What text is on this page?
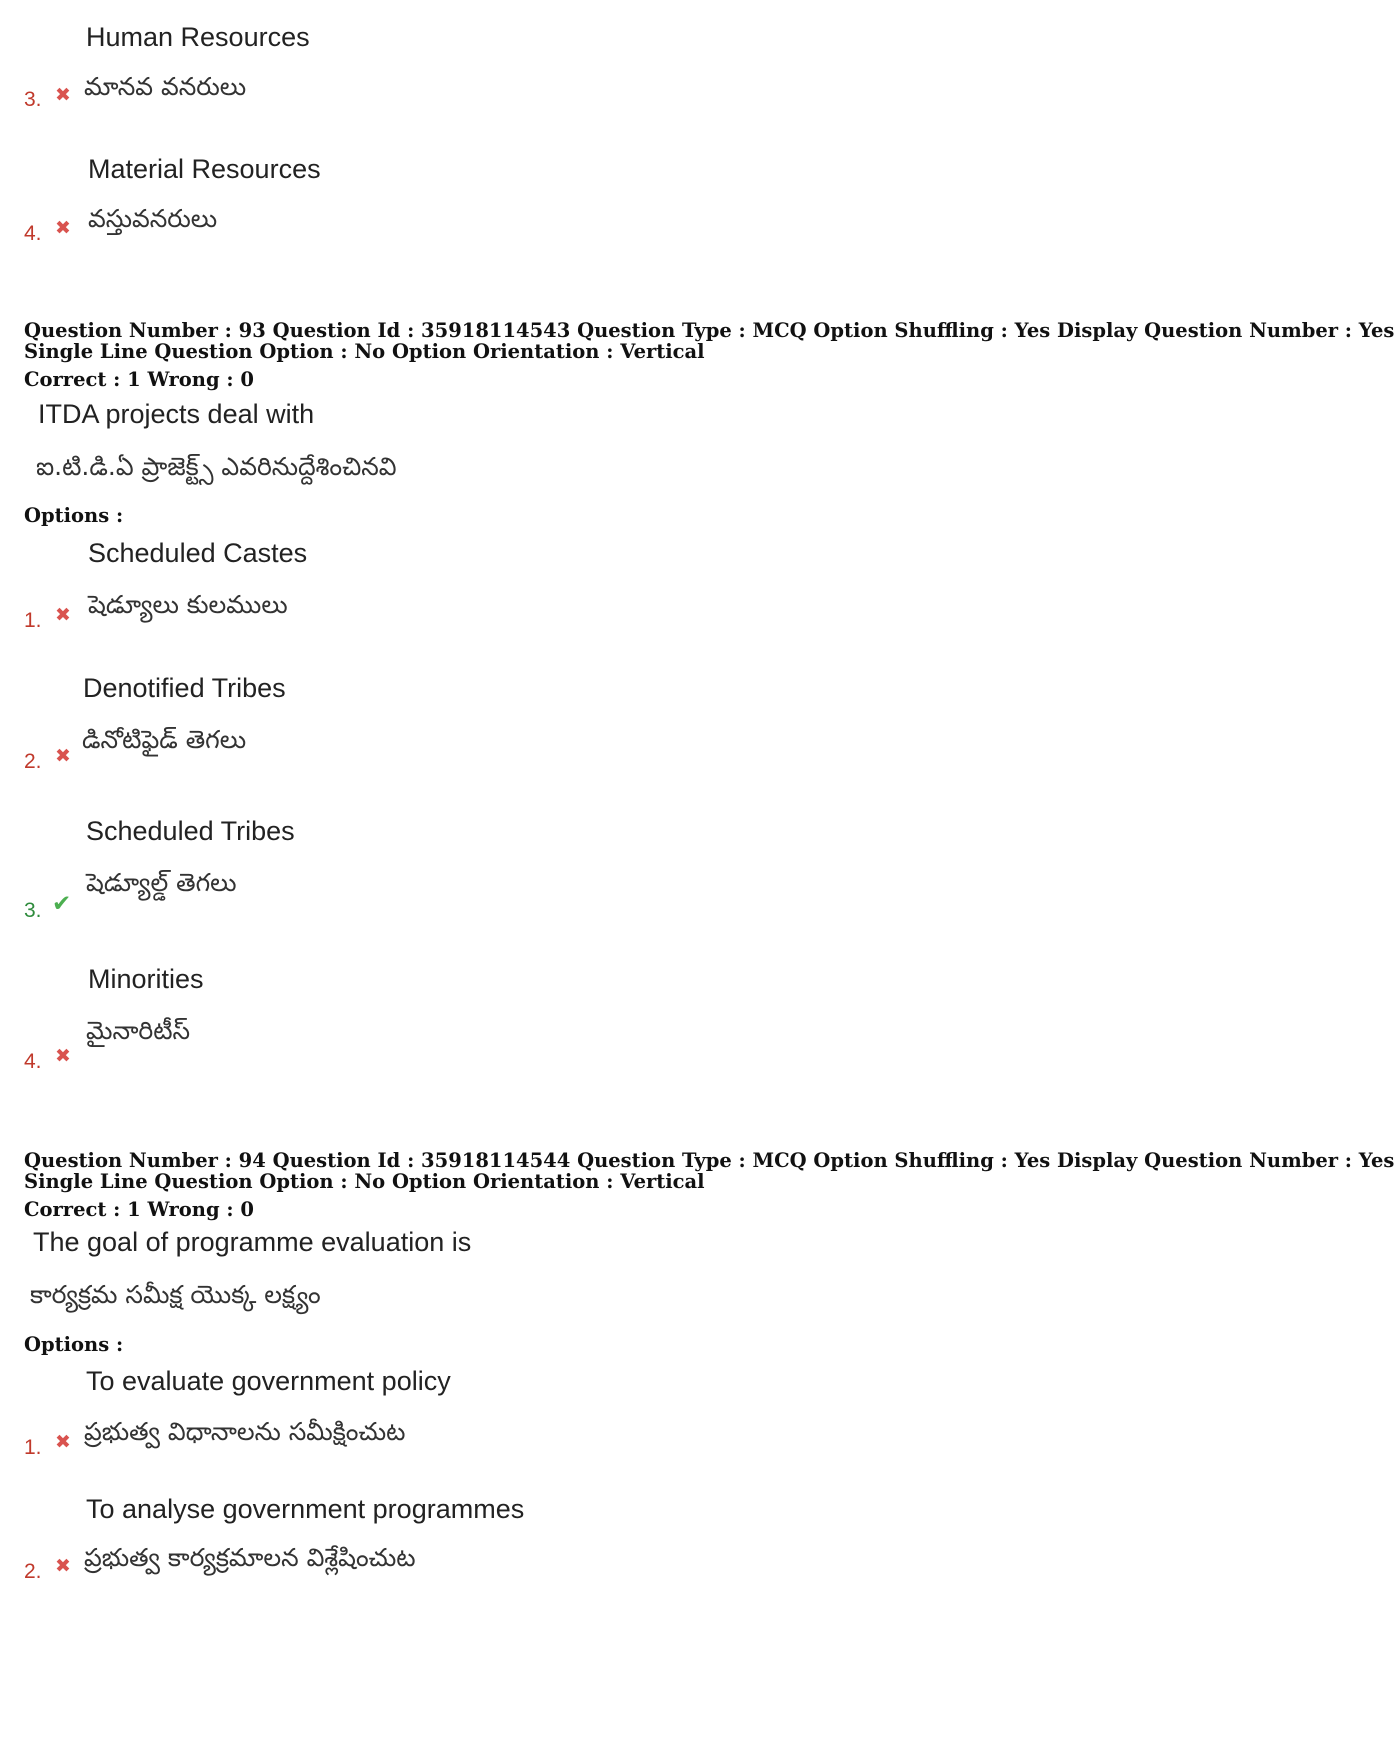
Human Resources
3. ✖ మానవ వనరులు
Material Resources
4. ✖ వస్తువనరులు
Question Number : 93 Question Id : 35918114543 Question Type : MCQ Option Shuffling : Yes Display Question Number : Yes
Single Line Question Option : No Option Orientation : Vertical
Correct : 1 Wrong : 0
ITDA projects deal with
ఐ.టి.డి.ఏ ప్రాజెక్ట్స్ ఎవరినుద్దేశించినవి
Options :
Scheduled Castes
1. ✖ షెడ్యూలు కులములు
Denotified Tribes
2. ✖
డినోటిఫైడ్ తెగలు
Scheduled Tribes
3. ✔
షెడ్యూల్డ్ తెగలు
Minorities
4. ✖
మైనారిటీస్
Question Number : 94 Question Id : 35918114544 Question Type : MCQ Option Shuffling : Yes Display Question Number : Yes
Single Line Question Option : No Option Orientation : Vertical
Correct : 1 Wrong : 0
The goal of programme evaluation is
కార్యక్రమ సమీక్ష యొక్క లక్ష్యం
Options :
To evaluate government policy
1. ✖ ప్రభుత్వ విధానాలను సమీక్షించుట
To analyse government programmes
2. ✖ ప్రభుత్వ కార్యక్రమాలన విశ్లేషించుట
